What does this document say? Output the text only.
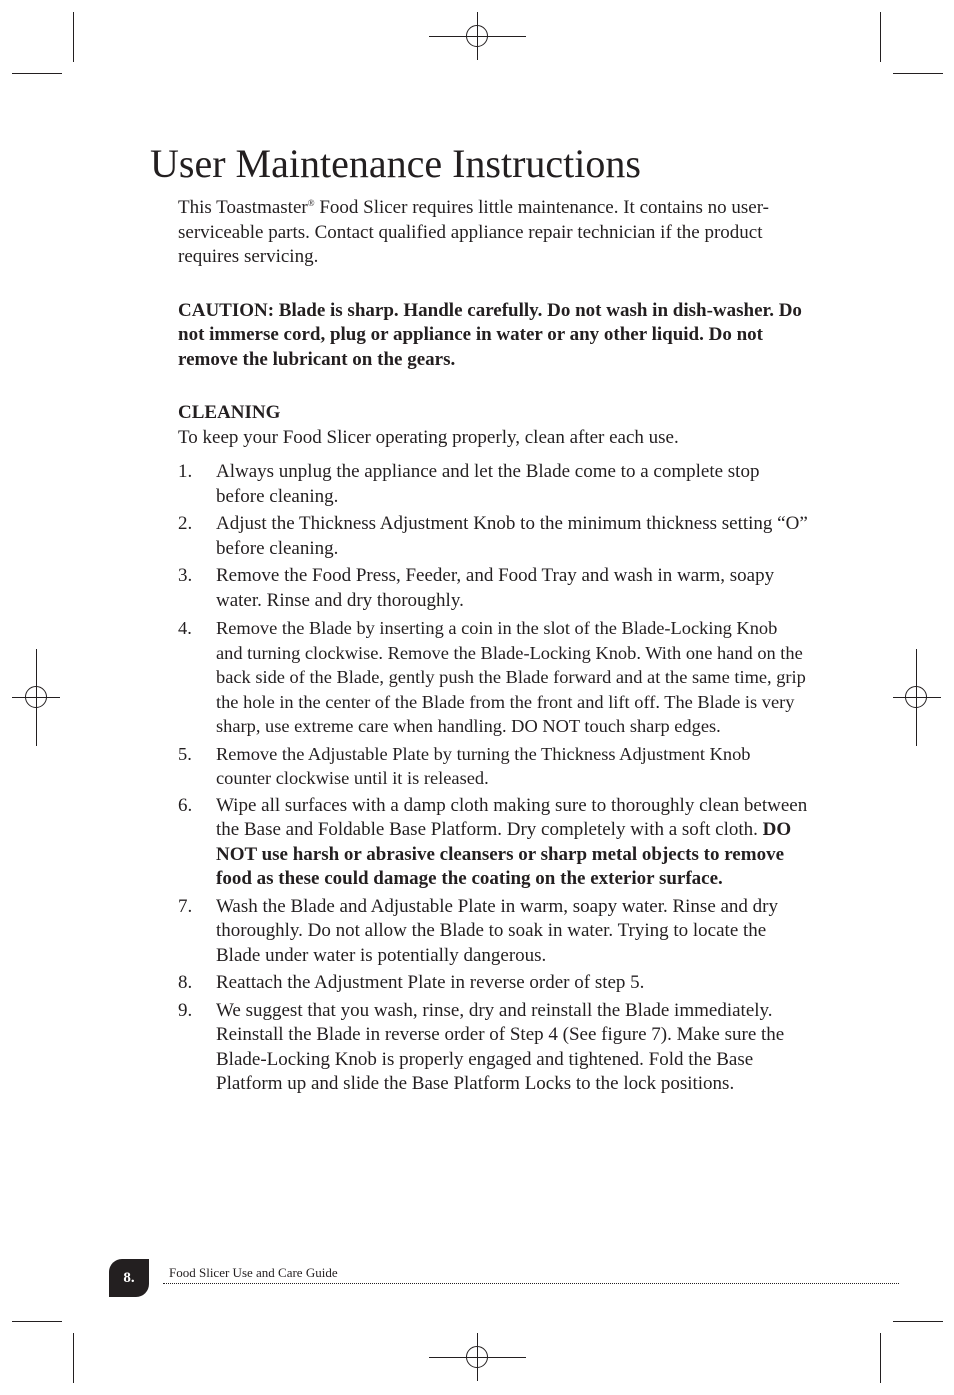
User Maintenance Instructions

This Toastmaster® Food Slicer requires little maintenance. It contains no user-serviceable parts. Contact qualified appliance repair technician if the product requires servicing.

CAUTION: Blade is sharp. Handle carefully. Do not wash in dish-washer. Do not immerse cord, plug or appliance in water or any other liquid. Do not remove the lubricant on the gears.

CLEANING

To keep your Food Slicer operating properly, clean after each use.

1. Always unplug the appliance and let the Blade come to a complete stop before cleaning.
2. Adjust the Thickness Adjustment Knob to the minimum thickness setting “O” before cleaning.
3. Remove the Food Press, Feeder, and Food Tray and wash in warm, soapy water. Rinse and dry thoroughly.
4. Remove the Blade by inserting a coin in the slot of the Blade-Locking Knob and turning clockwise. Remove the Blade-Locking Knob. With one hand on the back side of the Blade, gently push the Blade forward and at the same time, grip the hole in the center of the Blade from the front and lift off. The Blade is very sharp, use extreme care when handling. DO NOT touch sharp edges.
5. Remove the Adjustable Plate by turning the Thickness Adjustment Knob counter clockwise until it is released.
6. Wipe all surfaces with a damp cloth making sure to thoroughly clean between the Base and Foldable Base Platform. Dry completely with a soft cloth. DO NOT use harsh or abrasive cleansers or sharp metal objects to remove food as these could damage the coating on the exterior surface.
7. Wash the Blade and Adjustable Plate in warm, soapy water. Rinse and dry thoroughly. Do not allow the Blade to soak in water. Trying to locate the Blade under water is potentially dangerous.
8. Reattach the Adjustment Plate in reverse order of step 5.
9. We suggest that you wash, rinse, dry and reinstall the Blade immediately. Reinstall the Blade in reverse order of Step 4 (See figure 7). Make sure the Blade-Locking Knob is properly engaged and tightened. Fold the Base Platform up and slide the Base Platform Locks to the lock positions.
8.	Food Slicer Use and Care Guide
